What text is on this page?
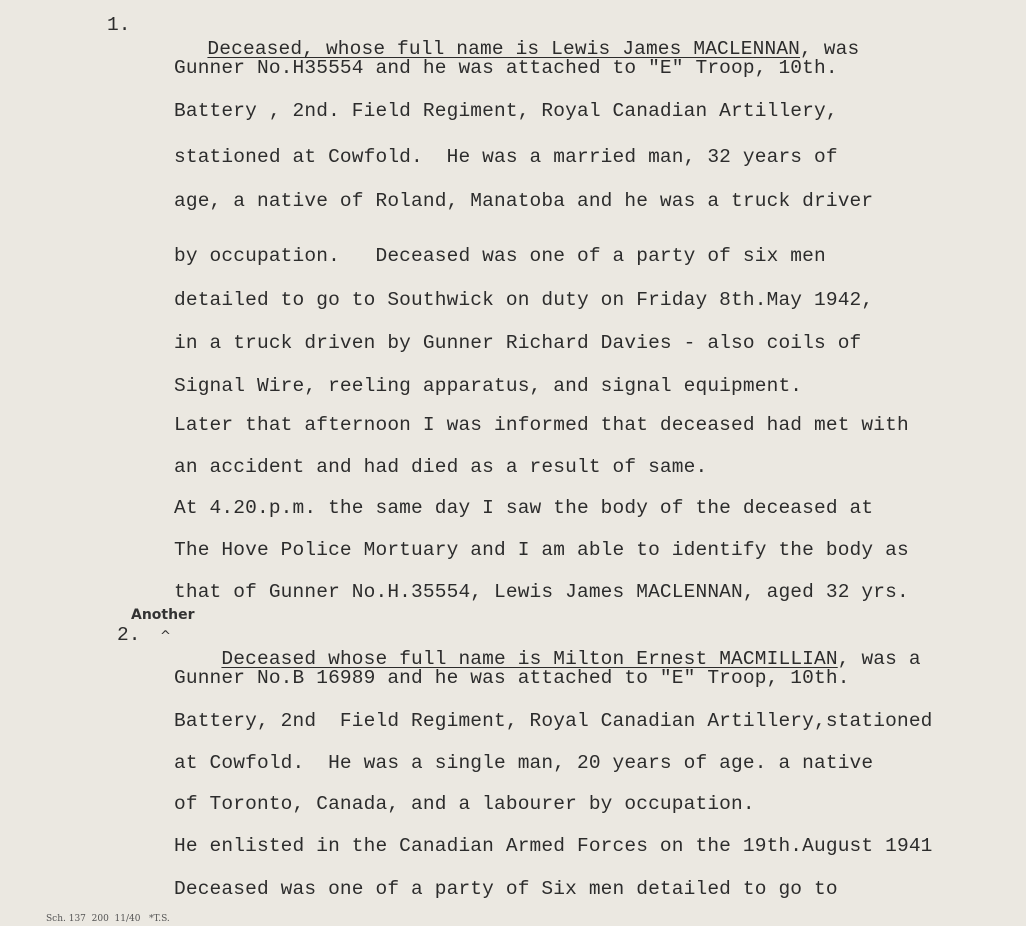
1.

Deceased, whose full name is Lewis James MACLENNAN, was

Gunner No.H35554 and he was attached to "E" Troop, 10th.
Battery , 2nd. Field Regiment, Royal Canadian Artillery,
stationed at Cowfold.  He was a married man, 32 years of
age, a native of Roland, Manatoba and he was a truck driver
by occupation.   Deceased was one of a party of six men
detailed to go to Southwick on duty on Friday 8th.May 1942,
in a truck driven by Gunner Richard Davies - also coils of
Signal Wire, reeling apparatus, and signal equipment.
Later that afternoon I was informed that deceased had met with
an accident and had died as a result of same.
At 4.20.p.m. the same day I saw the body of the deceased at
The Hove Police Mortuary and I am able to identify the body as
that of Gunner No.H.35554, Lewis James MACLENNAN, aged 32 yrs.
Another
^
2.

Deceased whose full name is Milton Ernest MACMILLIAN, was a

Gunner No.B 16989 and he was attached to "E" Troop, 10th.
Battery, 2nd  Field Regiment, Royal Canadian Artillery,stationed
at Cowfold.  He was a single man, 20 years of age. a native
of Toronto, Canada, and a labourer by occupation.
He enlisted in the Canadian Armed Forces on the 19th.August 1941
Deceased was one of a party of Six men detailed to go to
Sch. 137  200  11/40   *T.S.
